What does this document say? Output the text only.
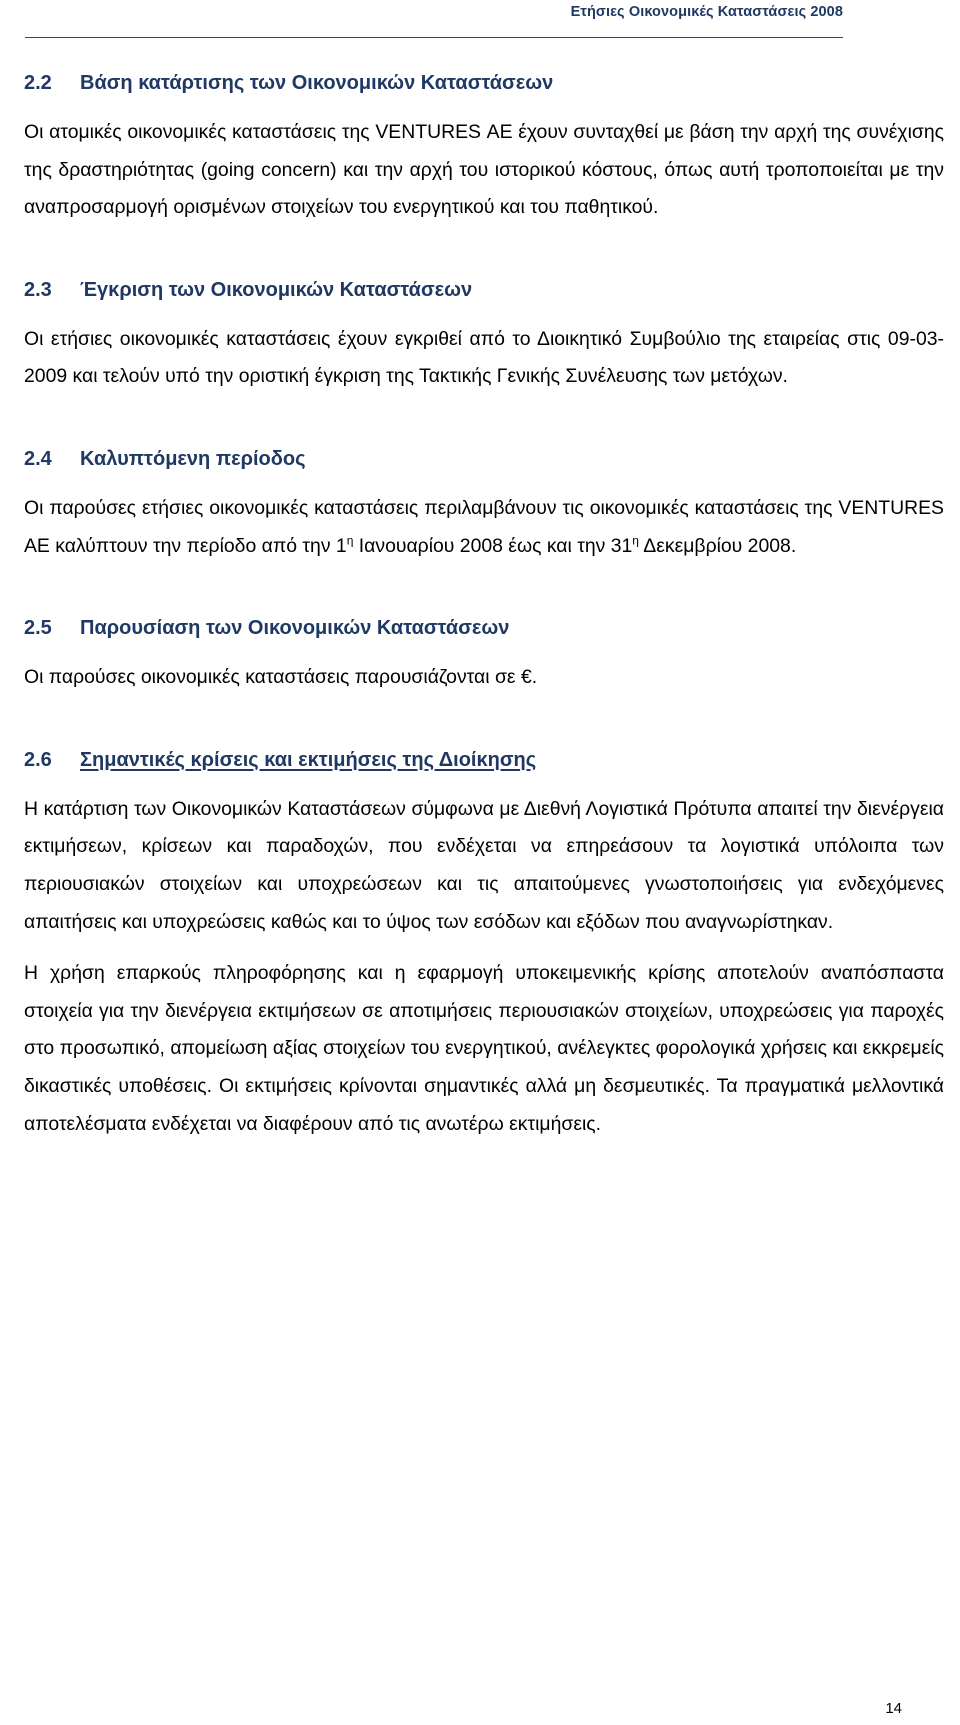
Ετήσιες Οικονομικές Καταστάσεις 2008
2.2 Βάση κατάρτισης των Οικονομικών Καταστάσεων

Οι ατομικές οικονομικές καταστάσεις της VENTURES ΑΕ έχουν συνταχθεί με βάση την αρχή της συνέχισης της δραστηριότητας (going concern) και την αρχή του ιστορικού κόστους, όπως αυτή τροποποιείται με την αναπροσαρμογή ορισμένων στοιχείων του ενεργητικού και του παθητικού.

2.3 Έγκριση των Οικονομικών Καταστάσεων

Οι ετήσιες οικονομικές καταστάσεις έχουν εγκριθεί από το Διοικητικό Συμβούλιο της εταιρείας στις 09-03-2009 και τελούν υπό την οριστική έγκριση της Τακτικής Γενικής Συνέλευσης των μετόχων.

2.4 Καλυπτόμενη περίοδος

Οι παρούσες ετήσιες οικονομικές καταστάσεις περιλαμβάνουν τις οικονομικές καταστάσεις της VENTURES ΑΕ καλύπτουν την περίοδο από την $1^\eta$ Ιανουαρίου 2008 έως και την $31^\eta$ Δεκεμβρίου 2008.

2.5 Παρουσίαση των Οικονομικών Καταστάσεων

Οι παρούσες οικονομικές καταστάσεις παρουσιάζονται σε €.

2.6 Σημαντικές κρίσεις και εκτιμήσεις της Διοίκησης

Η κατάρτιση των Οικονομικών Καταστάσεων σύμφωνα με Διεθνή Λογιστικά Πρότυπα απαιτεί την διενέργεια εκτιμήσεων, κρίσεων και παραδοχών, που ενδέχεται να επηρεάσουν τα λογιστικά υπόλοιπα των περιουσιακών στοιχείων και υποχρεώσεων και τις απαιτούμενες γνωστοποιήσεις για ενδεχόμενες απαιτήσεις και υποχρεώσεις καθώς και το ύψος των εσόδων και εξόδων που αναγνωρίστηκαν.

Η χρήση επαρκούς πληροφόρησης και η εφαρμογή υποκειμενικής κρίσης αποτελούν αναπόσπαστα στοιχεία για την διενέργεια εκτιμήσεων σε αποτιμήσεις περιουσιακών στοιχείων, υποχρεώσεις για παροχές στο προσωπικό, απομείωση αξίας στοιχείων του ενεργητικού, ανέλεγκτες φορολογικά χρήσεις και εκκρεμείς δικαστικές υποθέσεις. Οι εκτιμήσεις κρίνονται σημαντικές αλλά μη δεσμευτικές. Τα πραγματικά μελλοντικά αποτελέσματα ενδέχεται να διαφέρουν από τις ανωτέρω εκτιμήσεις.

14
